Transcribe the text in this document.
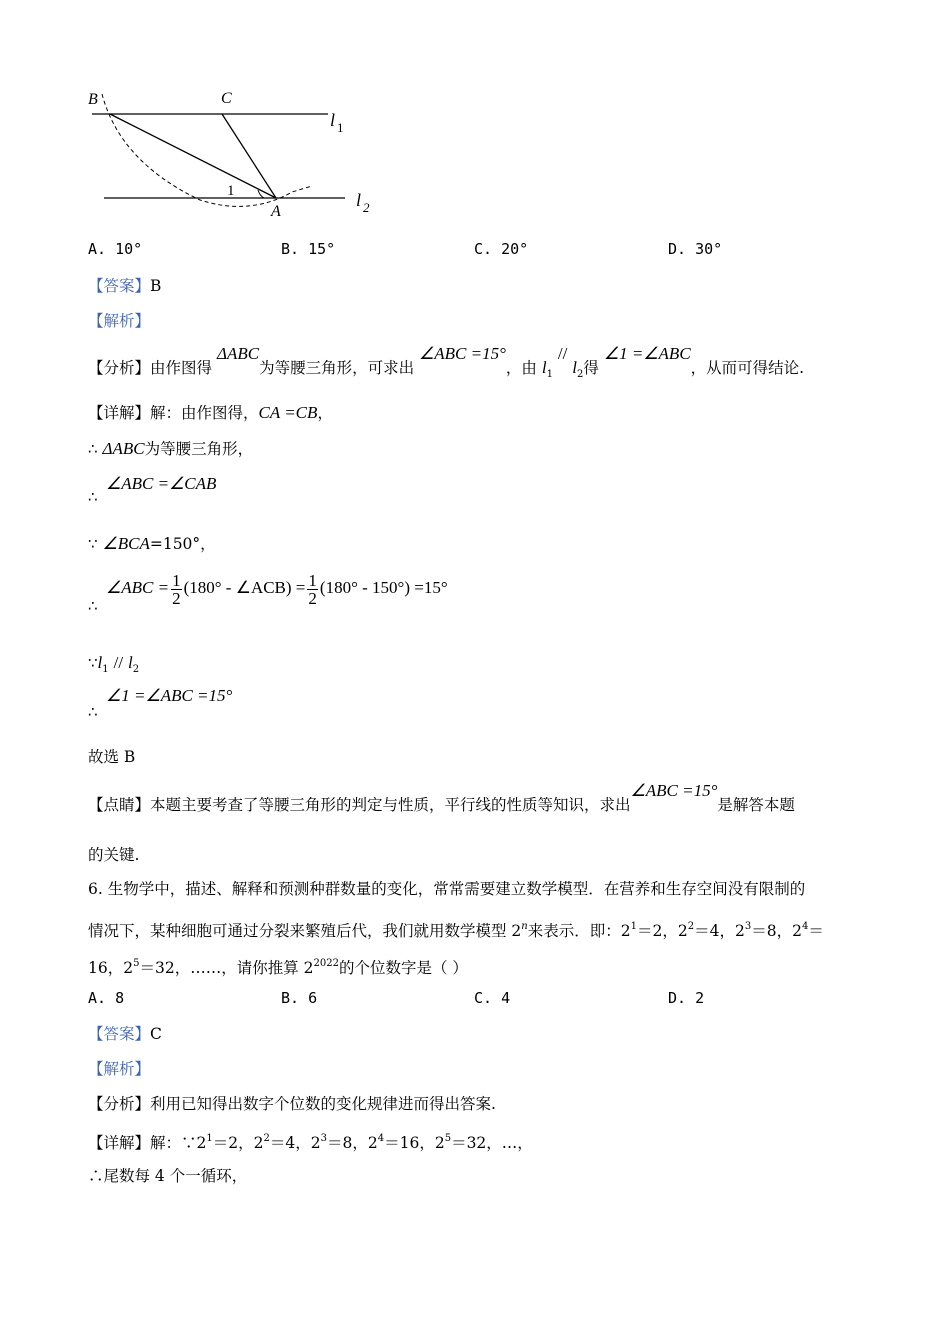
B	C
A
1
l 1
l 2
A. 10°	B. 15°	C. 20°	D. 30°
【答案】B
【解析】
【分析】由作图得 ΔABC为等腰三角形，可求出 ∠ABC =15°，由 $l_1 // l_2$得 ∠1 =∠ABC，从而可得结论.
【详解】解：由作图得，CA =CB，
∴ ΔABC为等腰三角形，
∠ABC =∠CAB
∴
∵ ∠BCA=150°，
∠ABC = $\frac{1}{2} (180^\circ$ - ∠ACB) = $\frac{1}{2} (180^\circ - 150^\circ) =15^\circ$
∴
$\because l_1 // l_2$
∠1 =∠ABC =15°
∴
故选 B
【点睛】本题主要考查了等腰三角形的判定与性质，平行线的性质等知识，求出∠ABC =15°是解答本题
的关键.
6. 生物学中，描述、解释和预测种群数量的变化，常常需要建立数学模型．在营养和生存空间没有限制的
情况下，某种细胞可通过分裂来繁殖后代，我们就用数学模型 2$^n$来表示．即：$2^1=2$，$2^2=4$，$2^3=8$，$2^4=$
16，$2^5=32$，……，请你推算 $2^{2022}$的个位数字是（ ）
A. 8	B. 6	C. 4	D. 2
【答案】C
【解析】
【分析】利用已知得出数字个位数的变化规律进而得出答案.
【详解】解：$\because 2^1=2$，$2^2=4$，$2^3=8$，$2^4=16$，$2^5=32$，…，
∴尾数每 4 个一循环，
